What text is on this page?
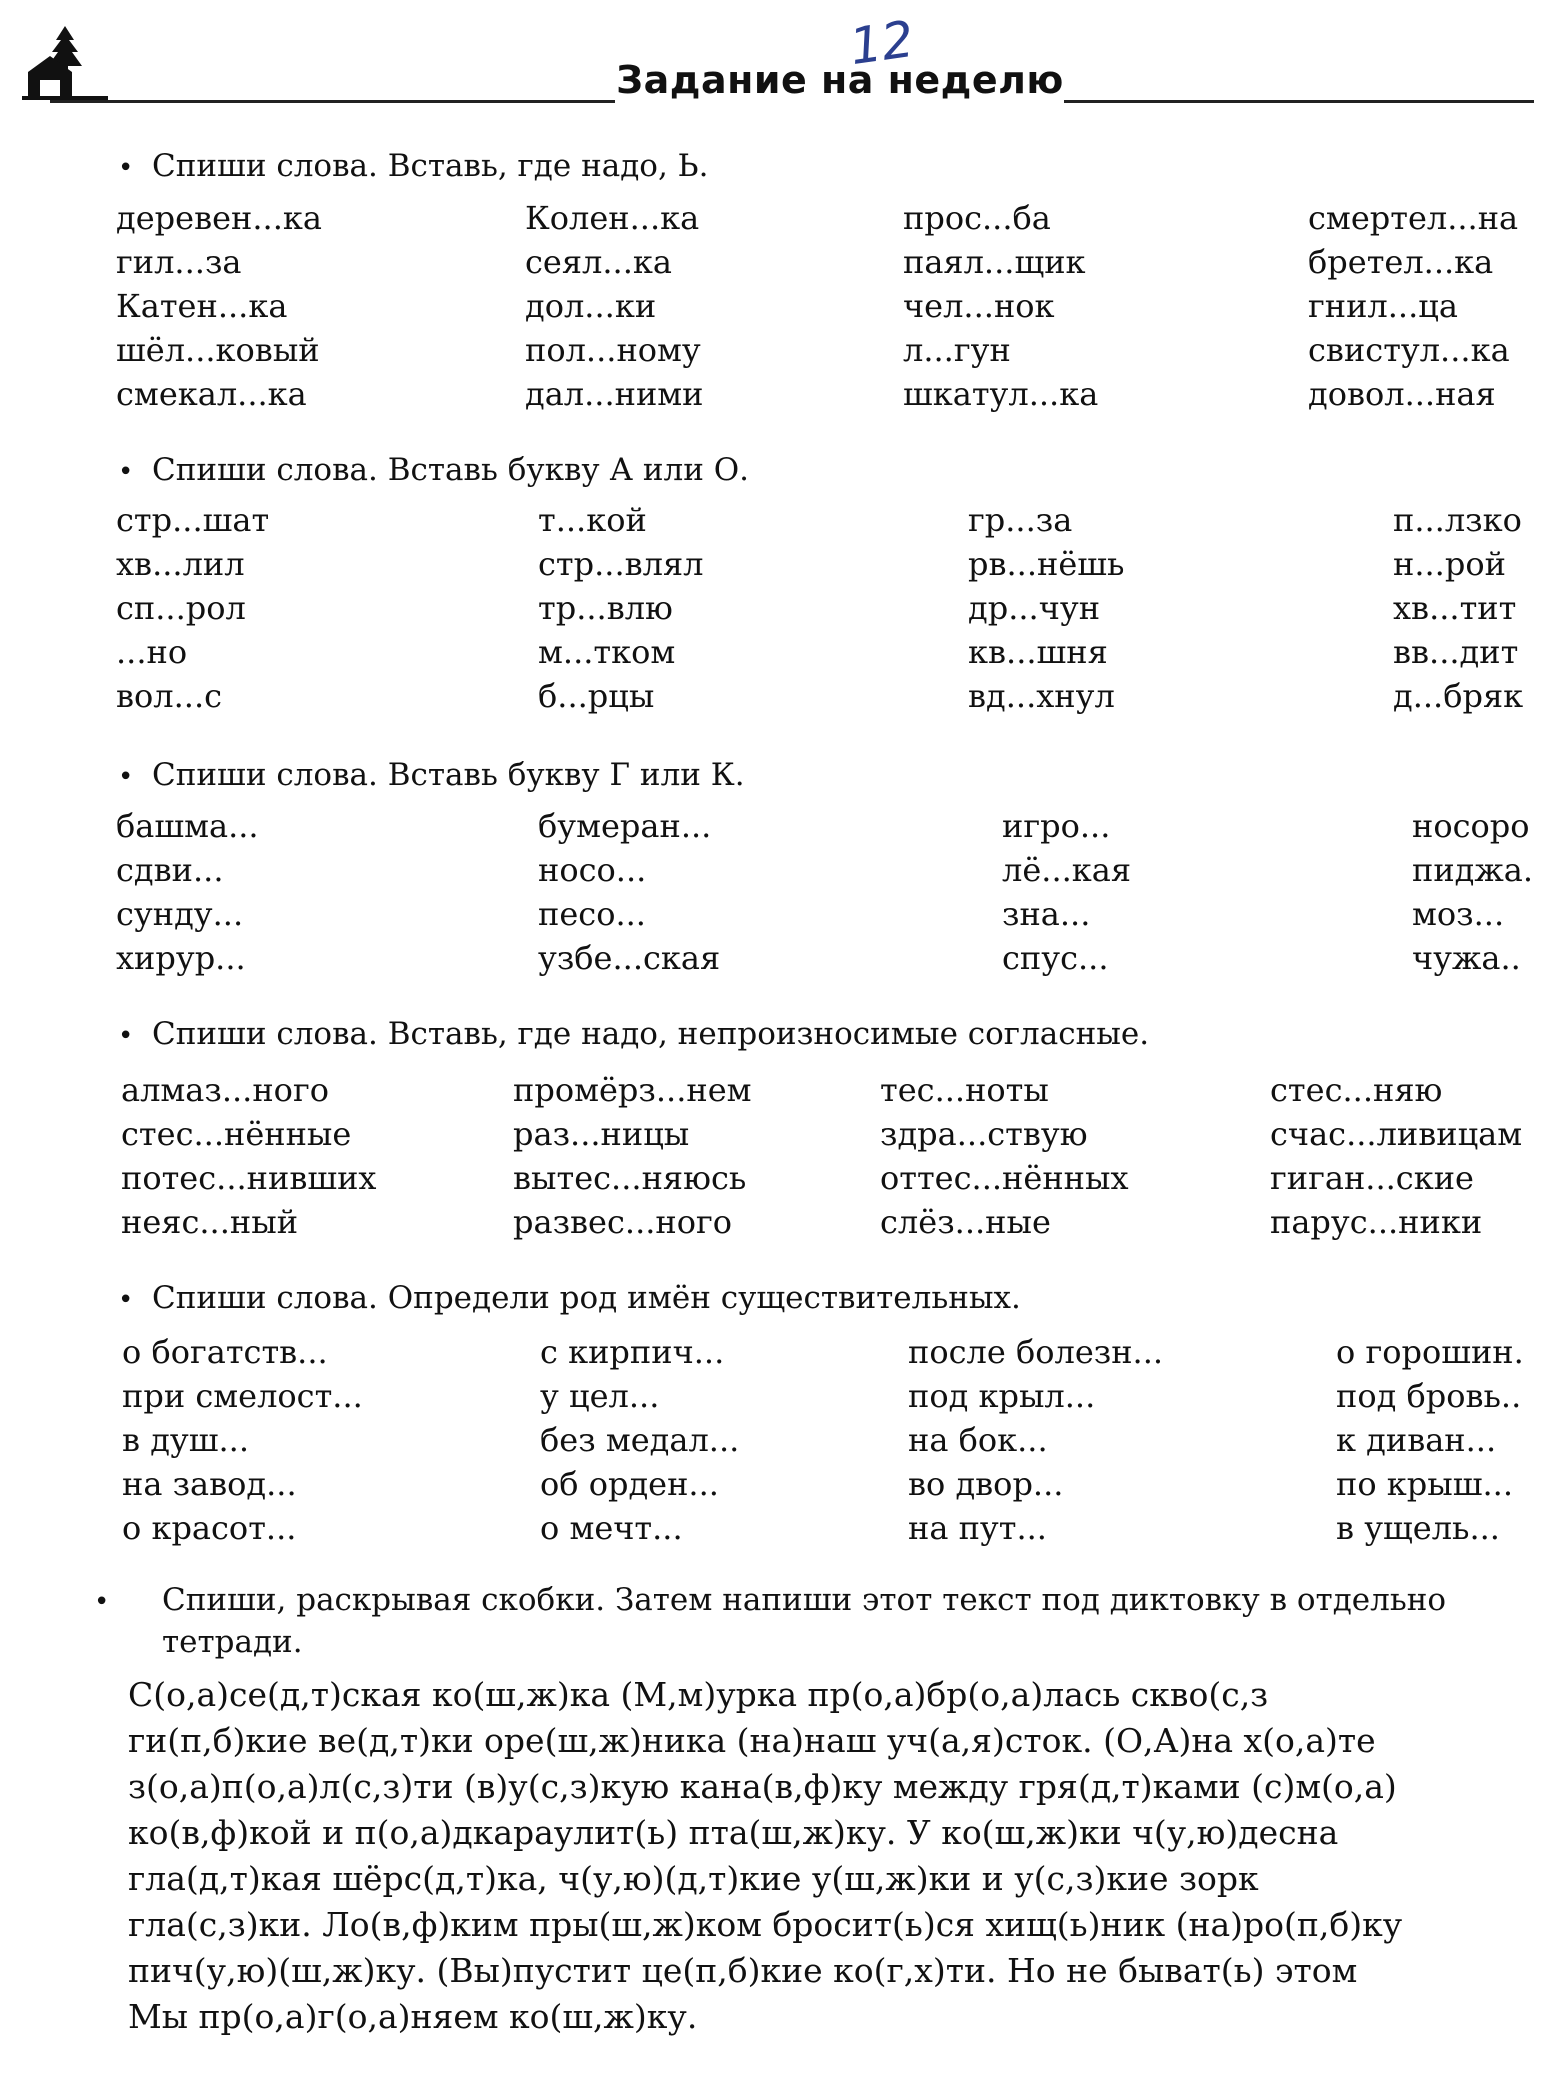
Задание на неделю
12
• Спиши слова. Вставь, где надо, Ь.
деревен...ка
гил...за
Катен...ка
шёл...ковый
смекал...ка
Колен...ка
сеял...ка
дол...ки
пол...ному
дал...ними
прос...ба
паял...щик
чел...нок
л...гун
шкатул...ка
смертел...на
бретел...ка
гнил...ца
свистул...ка
довол...ная
• Спиши слова. Вставь букву А или О.
стр...шат
хв...лил
сп...рол
...но
вол...с
т...кой
стр...влял
тр...влю
м...тком
б...рцы
гр...за
рв...нёшь
др...чун
кв...шня
вд...хнул
п...лзко
н...рой
хв...тит
вв...дит
д...бряк
• Спиши слова. Вставь букву Г или К.
башма...
сдви...
сунду...
хирур...
бумеран...
носо...
песо...
узбе...ская
игро...
лё...кая
зна...
спус...
носоро
пиджа.
моз...
чужа..
• Спиши слова. Вставь, где надо, непроизносимые согласные.
алмаз...ного
стес...нённые
потес...нивших
неяс...ный
промёрз...нем
раз...ницы
вытес...няюсь
развес...ного
тес...ноты
здра...ствую
оттес...нённых
слёз...ные
стес...няю
счас...ливицам
гиган...ские
парус...ники
• Спиши слова. Определи род имён существительных.
о богатств...
при смелост...
в душ...
на завод...
о красот...
с кирпич...
у цел...
без медал...
об орден...
о мечт...
после болезн...
под крыл...
на бок...
во двор...
на пут...
о горошин.
под бровь..
к диван...
по крыш...
в ущель...
• Спиши, раскрывая скобки. Затем напиши этот текст под диктовку в отдельно тетради.
С(о,а)се(д,т)ская ко(ш,ж)ка (М,м)урка пр(о,а)бр(о,а)лась скво(с,з
ги(п,б)кие ве(д,т)ки оре(ш,ж)ника (на)наш уч(а,я)сток. (О,А)на х(о,а)те
з(о,а)п(о,а)л(с,з)ти (в)у(с,з)кую кана(в,ф)ку между гря(д,т)ками (с)м(о,а)
ко(в,ф)кой и п(о,а)дкараулит(ь) пта(ш,ж)ку. У ко(ш,ж)ки ч(у,ю)десна
гла(д,т)кая шёрс(д,т)ка, ч(у,ю)(д,т)кие у(ш,ж)ки и у(с,з)кие зорк
гла(с,з)ки. Ло(в,ф)ким пры(ш,ж)ком бросит(ь)ся хищ(ь)ник (на)ро(п,б)ку
пич(у,ю)(ш,ж)ку. (Вы)пустит це(п,б)кие ко(г,х)ти. Но не быват(ь) этом
Мы пр(о,а)г(о,а)няем ко(ш,ж)ку.
